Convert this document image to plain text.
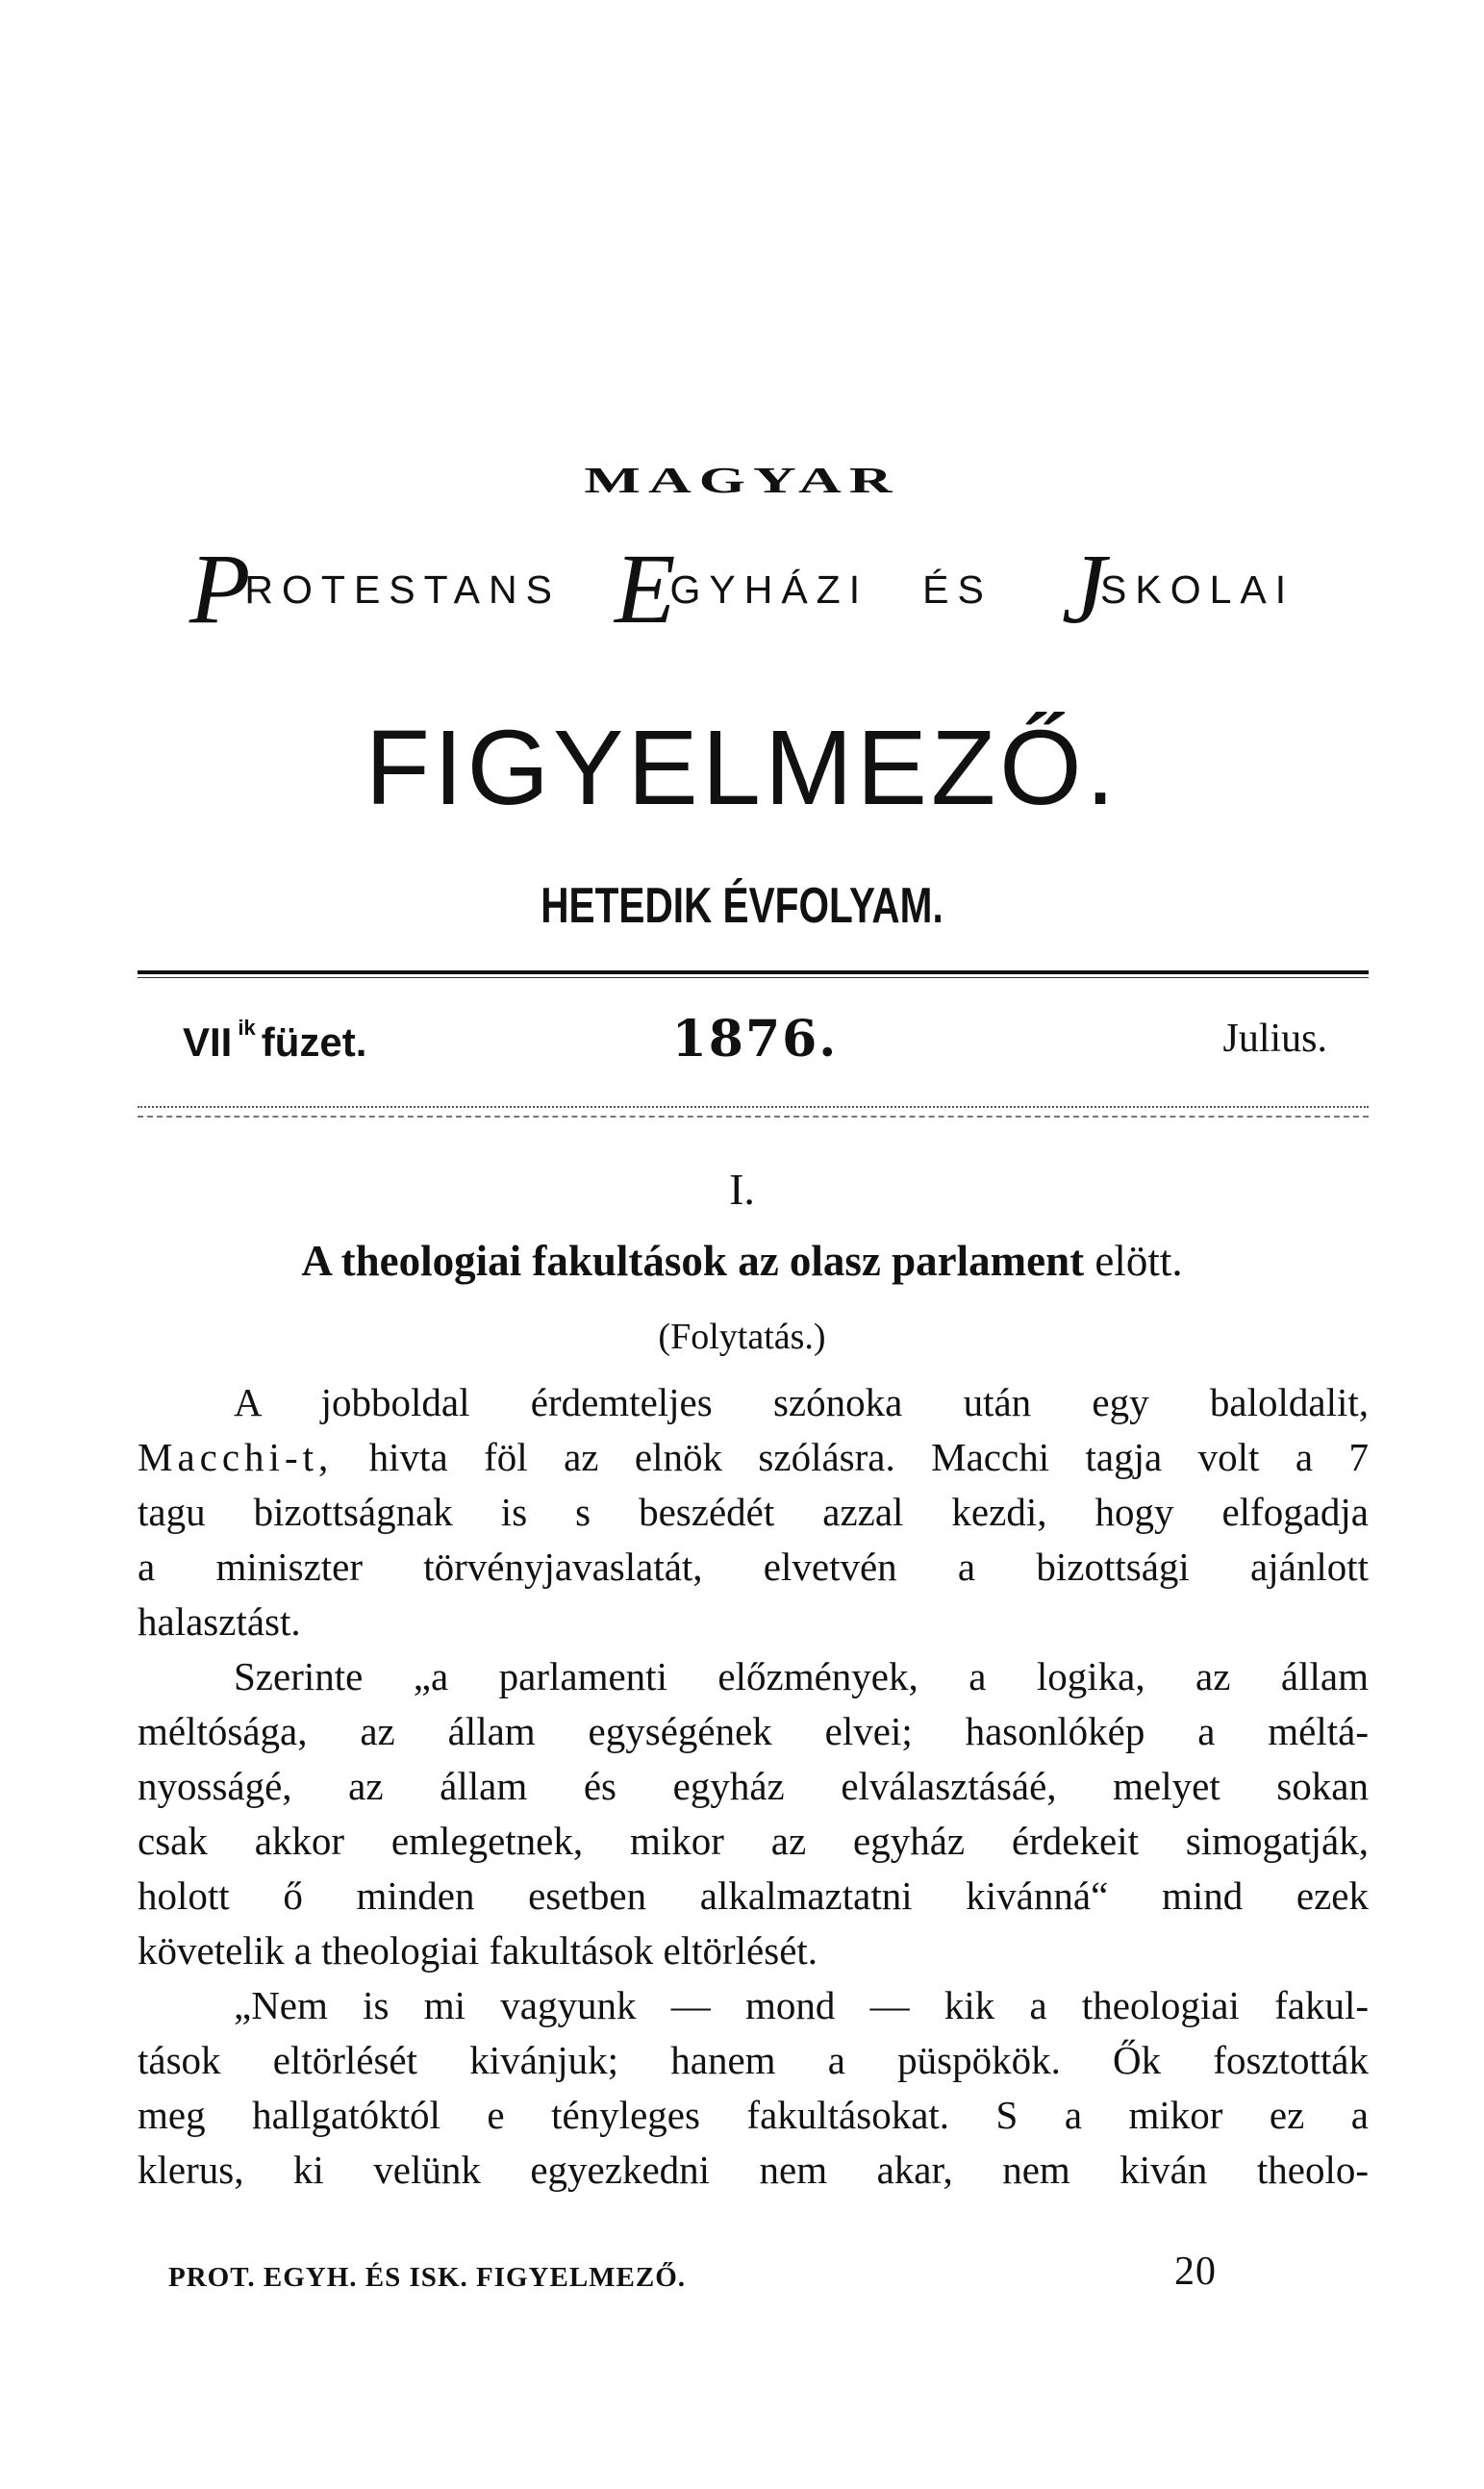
MAGYAR
PROTESTANS EGYHÁZI ÉS JSKOLAI
FIGYELMEZŐ.
HETEDIK ÉVFOLYAM.
VII $^{ik}$ füzet.	1876.	Julius.
I.
A theologiai fakultások az olasz parlament elött.
(Folytatás.)
A jobboldal érdemteljes szónoka után egy baloldalit,
Macchi-t, hivta föl az elnök szólásra. Macchi tagja volt a 7
tagu bizottságnak is s beszédét azzal kezdi, hogy elfogadja
a miniszter törvényjavaslatát, elvetvén a bizottsági ajánlott
halasztást.
Szerinte „a parlamenti előzmények, a logika, az állam
méltósága, az állam egységének elvei; hasonlókép a méltá-
nyosságé, az állam és egyház elválasztásáé, melyet sokan
csak akkor emlegetnek, mikor az egyház érdekeit simogatják,
holott ő minden esetben alkalmaztatni kivánná“ mind ezek
követelik a theologiai fakultások eltörlését.
„Nem is mi vagyunk — mond — kik a theologiai fakul-
tások eltörlését kivánjuk; hanem a püspökök. Ők fosztották
meg hallgatóktól e tényleges fakultásokat. S a mikor ez a
klerus, ki velünk egyezkedni nem akar, nem kiván theolo-
PROT. EGYH. ÉS ISK. FIGYELMEZŐ.	20
